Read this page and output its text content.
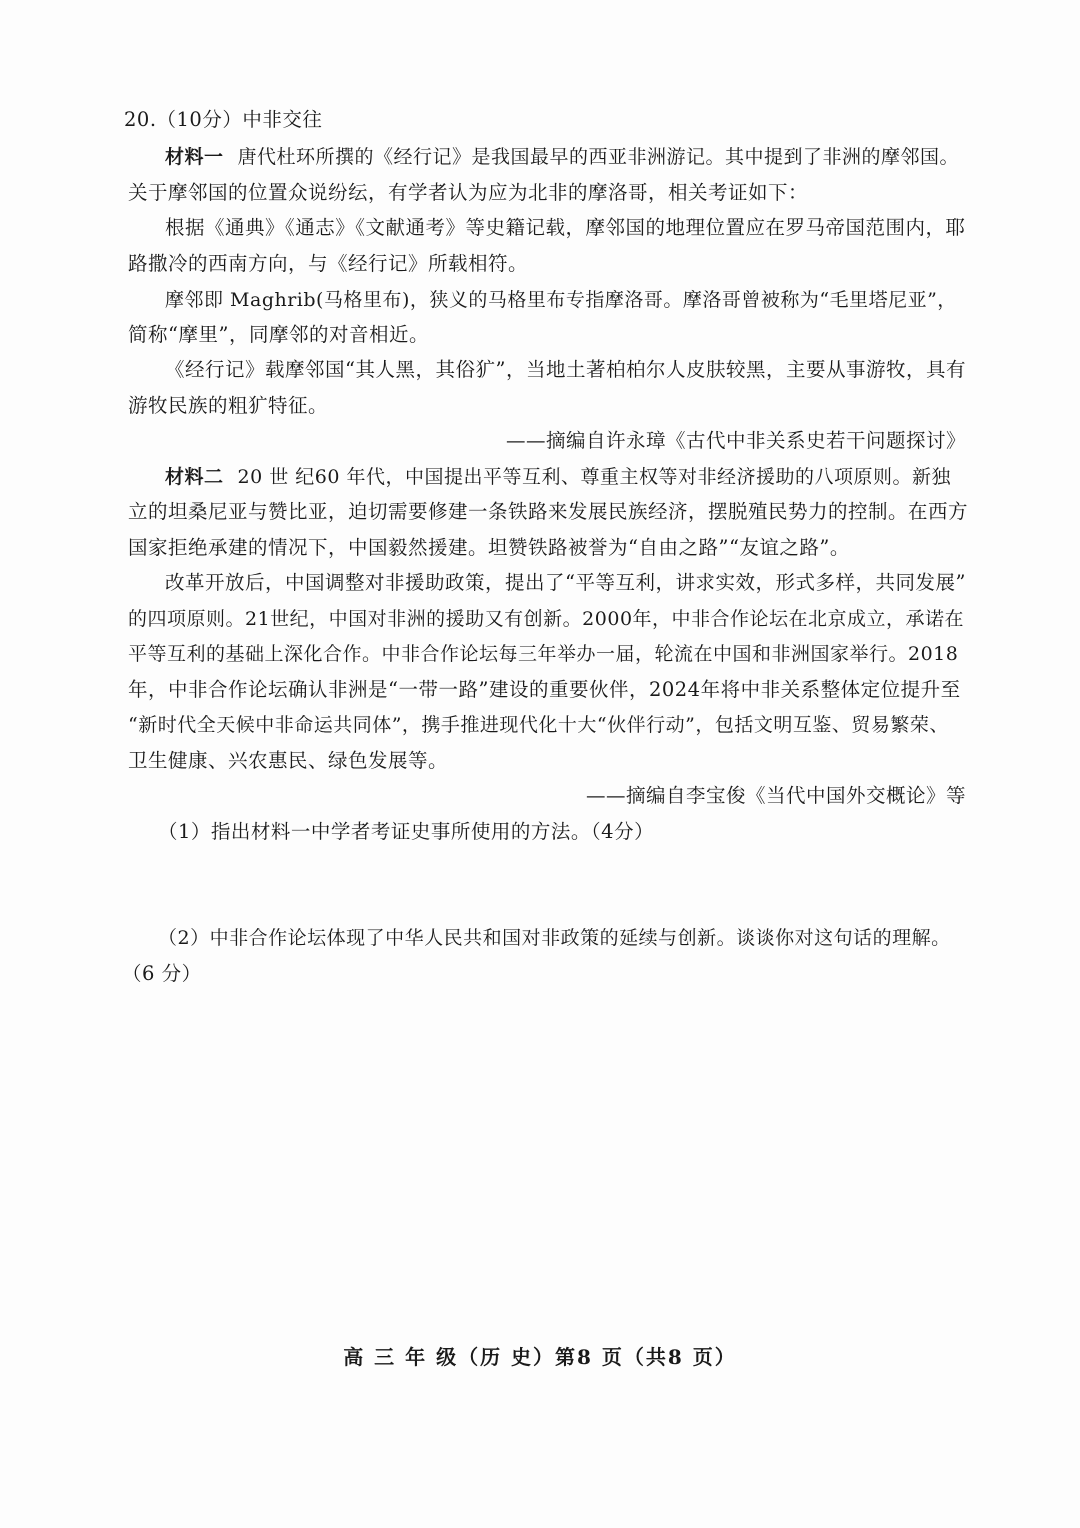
20.（10分）中非交往
材料一 唐代杜环所撰的《经行记》是我国最早的西亚非洲游记。其中提到了非洲的摩邻国。
关于摩邻国的位置众说纷纭，有学者认为应为北非的摩洛哥，相关考证如下：
根据《通典》《通志》《文献通考》等史籍记载，摩邻国的地理位置应在罗马帝国范围内，耶
路撒冷的西南方向，与《经行记》所载相符。
摩邻即 Maghrib(马格里布)，狭义的马格里布专指摩洛哥。摩洛哥曾被称为“毛里塔尼亚”，
简称“摩里”，同摩邻的对音相近。
《经行记》载摩邻国“其人黑，其俗犷”，当地土著柏柏尔人皮肤较黑，主要从事游牧，具有
游牧民族的粗犷特征。
——摘编自许永璋《古代中非关系史若干问题探讨》
材料二 20 世 纪60 年代，中国提出平等互利、尊重主权等对非经济援助的八项原则。新独
立的坦桑尼亚与赞比亚，迫切需要修建一条铁路来发展民族经济，摆脱殖民势力的控制。在西方
国家拒绝承建的情况下，中国毅然援建。坦赞铁路被誉为“自由之路”“友谊之路”。
改革开放后，中国调整对非援助政策，提出了“平等互利，讲求实效，形式多样，共同发展”
的四项原则。21世纪，中国对非洲的援助又有创新。2000年，中非合作论坛在北京成立，承诺在
平等互利的基础上深化合作。中非合作论坛每三年举办一届，轮流在中国和非洲国家举行。2018
年，中非合作论坛确认非洲是“一带一路”建设的重要伙伴，2024年将中非关系整体定位提升至
“新时代全天候中非命运共同体”，携手推进现代化十大“伙伴行动”，包括文明互鉴、贸易繁荣、
卫生健康、兴农惠民、绿色发展等。
——摘编自李宝俊《当代中国外交概论》等
（1）指出材料一中学者考证史事所使用的方法。（4分）
（2）中非合作论坛体现了中华人民共和国对非政策的延续与创新。谈谈你对这句话的理解。
（6 分）
高 三 年 级（历 史）第8 页（共8 页）
